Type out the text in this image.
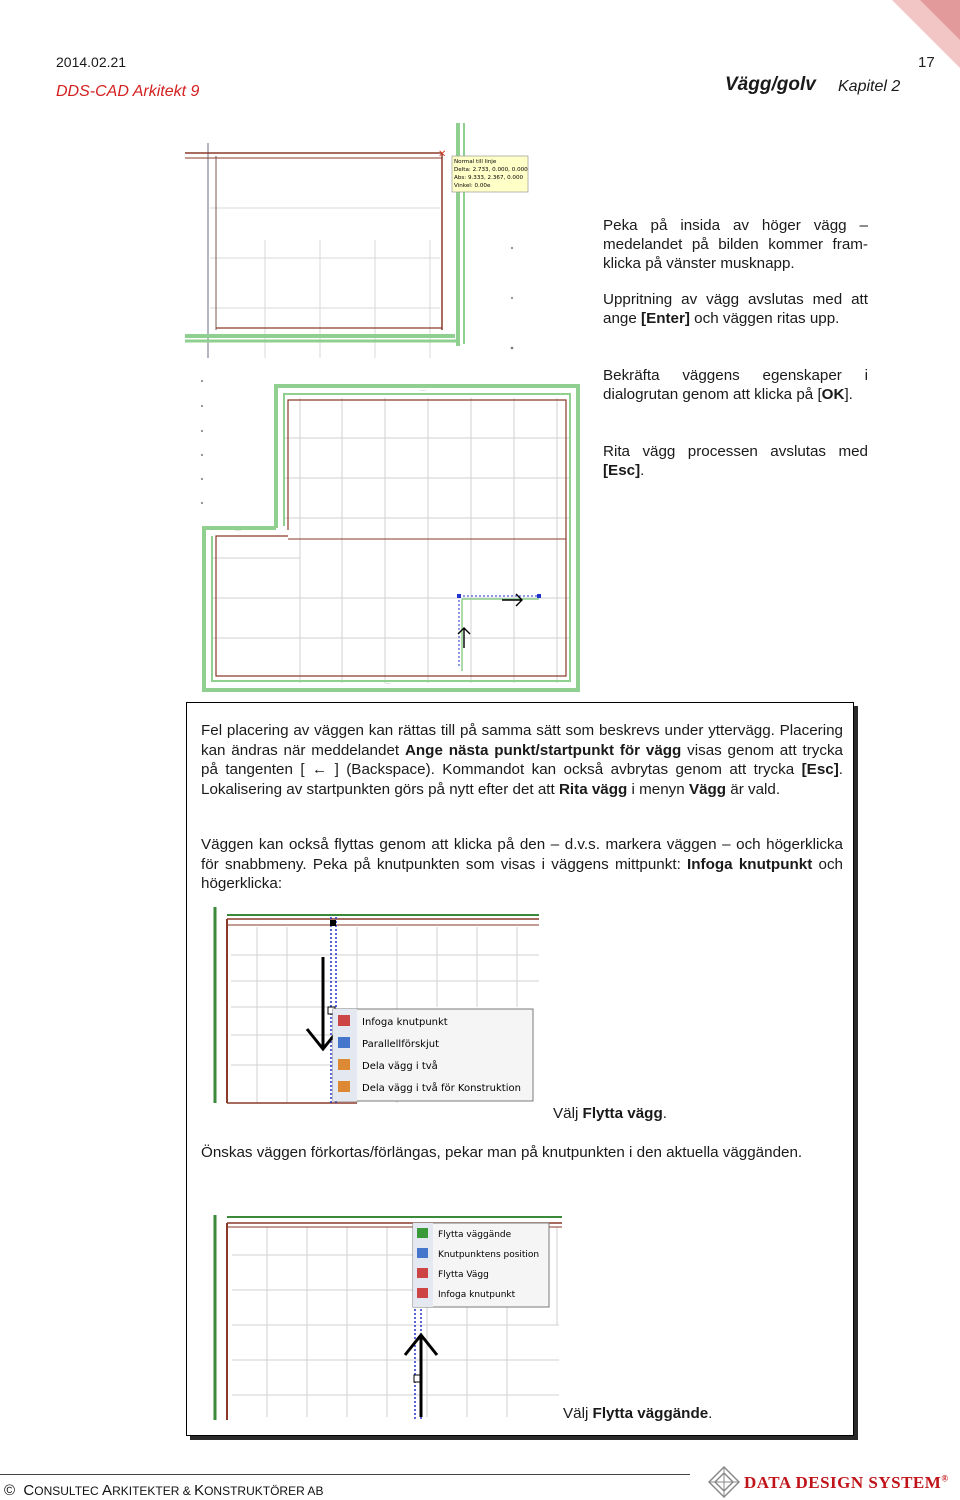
2014.02.21
DDS-CAD Arkitekt 9	Vägg/golv Kapitel 2
17
✕
Normal till linje
Delta: 2.733, 0.000, 0.000
Abs: 9.333, 2.367, 0.000
Vinkel: 0.00e
----
----
----

Peka på insida av höger vägg – medelandet på bilden kommer fram-klicka på vänster musknapp.

Uppritning av vägg avslutas med att ange [Enter] och väggen ritas upp.

Bekräfta väggens egenskaper i dialogrutan genom att klicka på [OK].

Rita vägg processen avslutas med [Esc].

Fel placering av väggen kan rättas till på samma sätt som beskrevs under yttervägg. Placering kan ändras när meddelandet Ange nästa punkt/startpunkt för vägg visas genom att trycka på tangenten [ ← ] (Backspace). Kommandot kan också avbrytas genom att trycka [Esc]. Lokalisering av startpunkten görs på nytt efter det att Rita vägg i menyn Vägg är vald.

Väggen kan också flyttas genom att klicka på den – d.v.s. markera väggen – och högerklicka för snabbmeny. Peka på knutpunkten som visas i väggens mittpunkt: Infoga knutpunkt och högerklicka:

Infoga knutpunkt
Parallellförskjut
Dela vägg i två
Dela vägg i två för Konstruktion
Välj Flytta vägg.

Önskas väggen förkortas/förlängas, pekar man på knutpunkten i den aktuella väggänden.

Flytta väggände
Knutpunktens position
Flytta Vägg
Infoga knutpunkt
Välj Flytta väggände.
© CONSULTEC ARKITEKTER & KONSTRUKTÖRER AB	DATA DESIGN SYSTEM®
